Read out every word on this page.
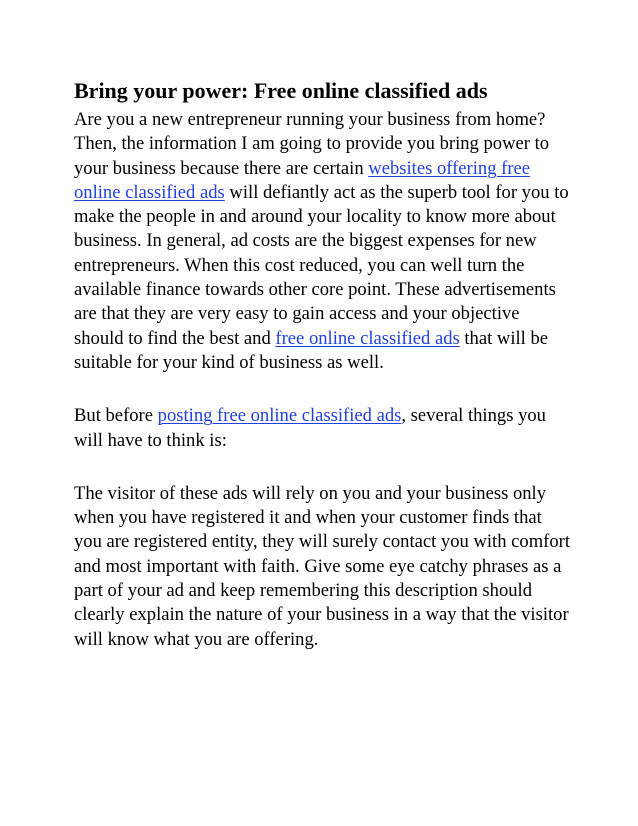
Bring your power: Free online classified ads

Are you a new entrepreneur running your business from home? Then, the information I am going to provide you bring power to your business because there are certain websites offering free online classified ads will defiantly act as the superb tool for you to make the people in and around your locality to know more about business. In general, ad costs are the biggest expenses for new entrepreneurs. When this cost reduced, you can well turn the available finance towards other core point. These advertisements are that they are very easy to gain access and your objective should to find the best and free online classified ads that will be suitable for your kind of business as well.

But before posting free online classified ads, several things you will have to think is:

The visitor of these ads will rely on you and your business only when you have registered it and when your customer finds that you are registered entity, they will surely contact you with comfort and most important with faith. Give some eye catchy phrases as a part of your ad and keep remembering this description should clearly explain the nature of your business in a way that the visitor will know what you are offering.
